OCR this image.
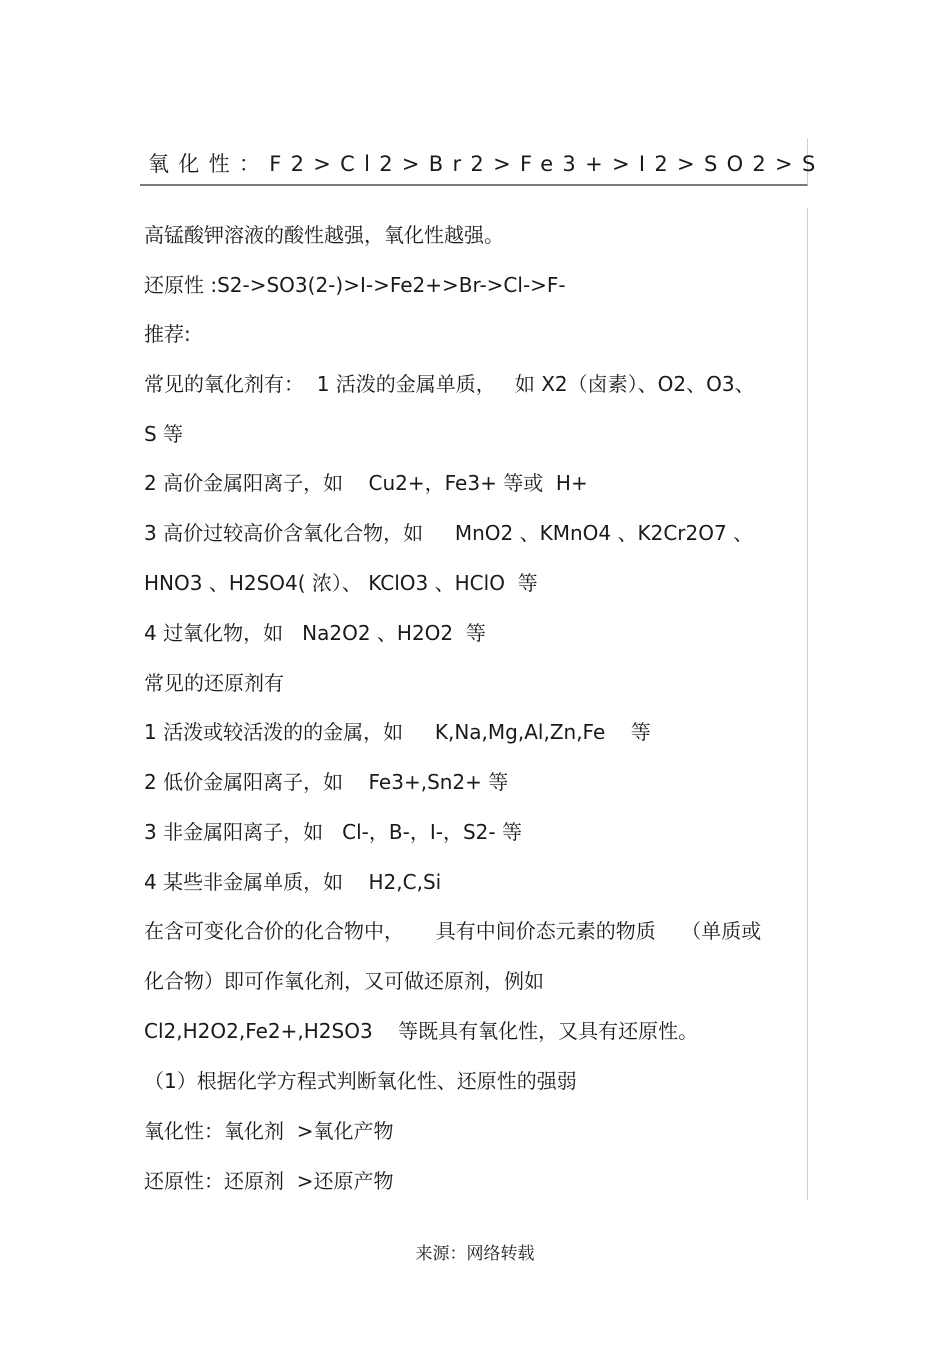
氧化性：F2>Cl2>Br2>Fe3+>I2>SO2>S
高锰酸钾溶液的酸性越强，氧化性越强。
还原性 :S2->SO3(2-)>I->Fe2+>Br->Cl->F-
推荐:
常见的氧化剂有：  1 活泼的金属单质，   如 X2（卤素）、O2、O3、
S 等
2 高价金属阳离子，如    Cu2+，Fe3+ 等或  H+
3 高价过较高价含氧化合物，如     MnO2 、KMnO4 、K2Cr2O7 、
HNO3 、H2SO4( 浓）、 KClO3 、HClO  等
4 过氧化物，如   Na2O2 、H2O2  等
常见的还原剂有
1 活泼或较活泼的的金属，如     K,Na,Mg,Al,Zn,Fe    等
2 低价金属阳离子，如    Fe3+,Sn2+ 等
3 非金属阳离子，如   Cl-，B-，I-，S2- 等
4 某些非金属单质，如    H2,C,Si
在含可变化合价的化合物中，     具有中间价态元素的物质    （单质或
化合物）即可作氧化剂，又可做还原剂，例如
Cl2,H2O2,Fe2+,H2SO3    等既具有氧化性，又具有还原性。
（1）根据化学方程式判断氧化性、还原性的强弱
氧化性：氧化剂  >氧化产物
还原性：还原剂  >还原产物
来源：网络转载
